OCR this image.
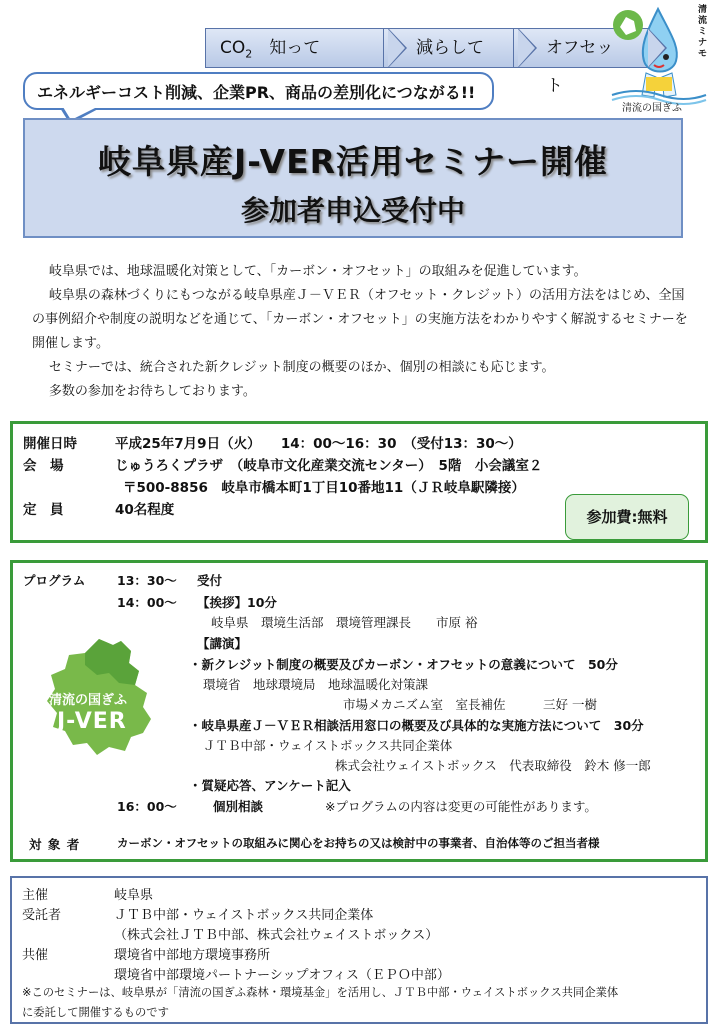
$CO_2$　 知って	減らして	オフセット
清流ミナモ
清流の国ぎふ
エネルギーコスト削減、企業PR、商品の差別化につながる!!
岐阜県産J-VER活用セミナー開催
参加者申込受付中

岐阜県では、地球温暖化対策として、「カーボン・オフセット」の取組みを促進しています。

岐阜県の森林づくりにもつながる岐阜県産Ｊ－ＶＥＲ（オフセット・クレジット）の活用方法をはじめ、全国の事例紹介や制度の説明などを通じて、「カーボン・オフセット」の実施方法をわかりやすく解説するセミナーを開催します。

セミナーでは、統合された新クレジット制度の概要のほか、個別の相談にも応じます。

多数の参加をお待ちしております。

開催日時	平成25年7月9日（火）　　14：00～16：30　（受付13：30～）
会　場	じゅうろくプラザ　（岐阜市文化産業交流センター）　5階　小会議室２
〒500-8856　岐阜市橋本町1丁目10番地11（ＪＲ岐阜駅隣接）
定　員	40名程度	参加費:無料
プログラム	13：30～ 受付
14：00～ 【挨拶】10分
岐阜県　環境生活部　環境管理課長　　市原 裕
【講演】
・新クレジット制度の概要及びカーボン・オフセットの意義について　50分
環境省　地球環境局　地球温暖化対策課
市場メカニズム室　室長補佐　　　三好 一樹
・岐阜県産Ｊ－ＶＥＲ相談活用窓口の概要及び具体的な実施方法について　30分
ＪＴＢ中部・ウェイストボックス共同企業体
株式会社ウェイストボックス　代表取締役　鈴木 修一郎
・質疑応答、アンケート記入
16：00～	個別相談	※プログラムの内容は変更の可能性があります。
対 象 者	カーボン・オフセットの取組みに関心をお持ちの又は検討中の事業者、自治体等のご担当者様
清流の国ぎふ
J-VER
主催	岐阜県
受託者	ＪＴＢ中部・ウェイストボックス共同企業体
（株式会社ＪＴＢ中部、株式会社ウェイストボックス）
共催	環境省中部地方環境事務所
環境省中部環境パートナーシップオフィス（ＥＰＯ中部）
※このセミナーは、岐阜県が「清流の国ぎふ森林・環境基金」を活用し、ＪＴＢ中部・ウェイストボックス共同企業体
に委託して開催するものです
